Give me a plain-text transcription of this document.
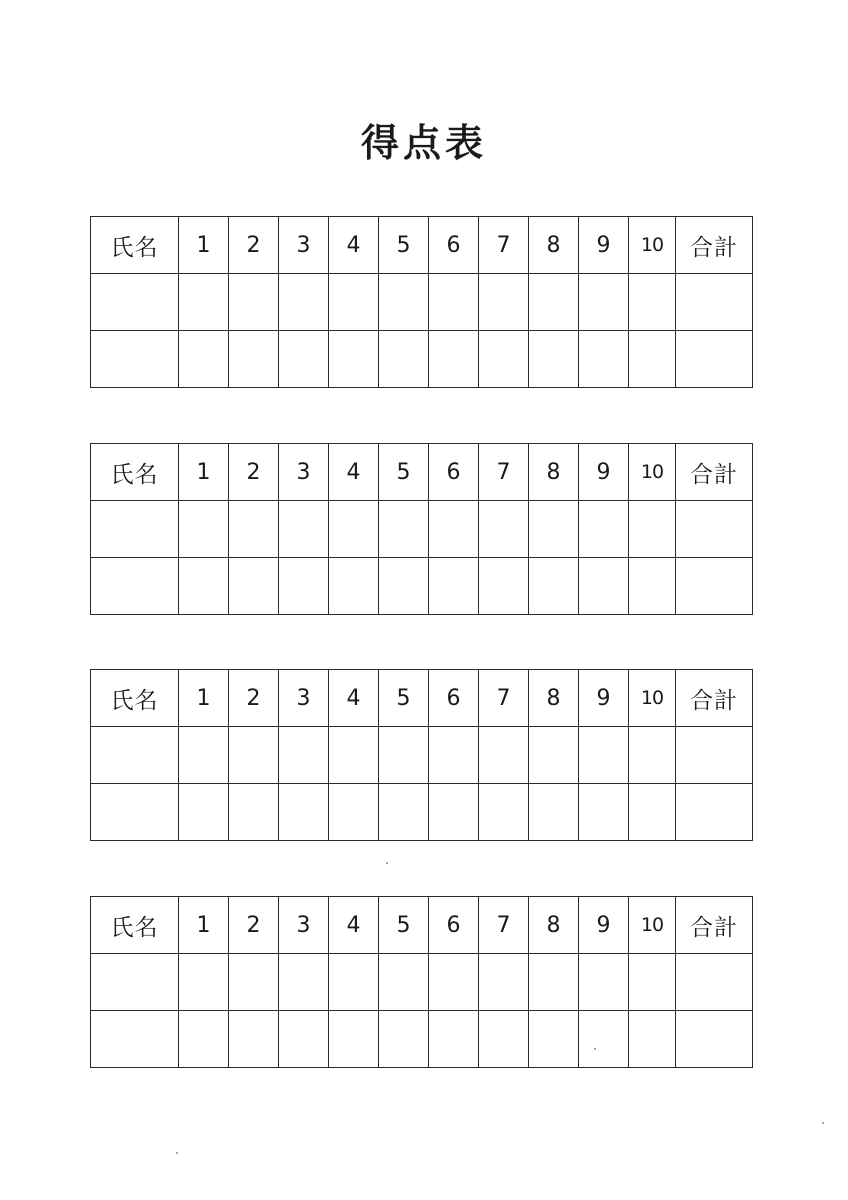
得点表
氏名	1	2	3	4	5	6	7	8	9	10	合計

氏名	1	2	3	4	5	6	7	8	9	10	合計

氏名	1	2	3	4	5	6	7	8	9	10	合計

氏名	1	2	3	4	5	6	7	8	9	10	合計
